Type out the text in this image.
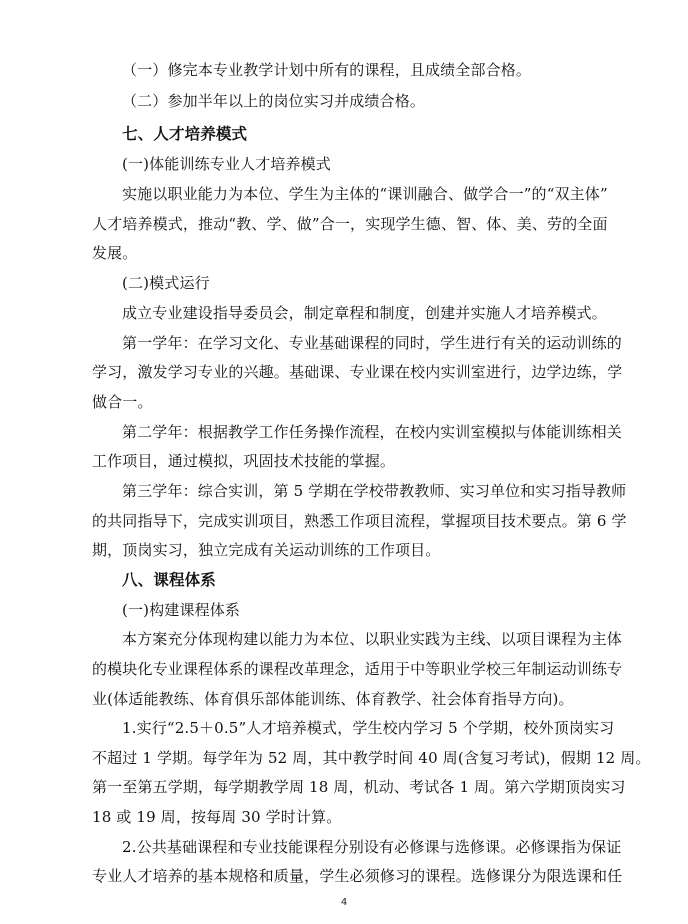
（一）修完本专业教学计划中所有的课程，且成绩全部合格。
（二）参加半年以上的岗位实习并成绩合格。
七、人才培养模式
(一)体能训练专业人才培养模式
实施以职业能力为本位、学生为主体的“课训融合、做学合一”的“双主体”
人才培养模式，推动“教、学、做”合一，实现学生德、智、体、美、劳的全面
发展。
(二)模式运行
成立专业建设指导委员会，制定章程和制度，创建并实施人才培养模式。
第一学年：在学习文化、专业基础课程的同时，学生进行有关的运动训练的
学习，激发学习专业的兴趣。基础课、专业课在校内实训室进行，边学边练，学
做合一。
第二学年：根据教学工作任务操作流程，在校内实训室模拟与体能训练相关
工作项目，通过模拟，巩固技术技能的掌握。
第三学年：综合实训，第 5 学期在学校带教教师、实习单位和实习指导教师
的共同指导下，完成实训项目，熟悉工作项目流程，掌握项目技术要点。第 6 学
期，顶岗实习，独立完成有关运动训练的工作项目。
八、课程体系
(一)构建课程体系
本方案充分体现构建以能力为本位、以职业实践为主线、以项目课程为主体
的模块化专业课程体系的课程改革理念，适用于中等职业学校三年制运动训练专
业(体适能教练、体育俱乐部体能训练、体育教学、社会体育指导方向)。
1.实行“2.5＋0.5”人才培养模式，学生校内学习 5 个学期，校外顶岗实习
不超过 1 学期。每学年为 52 周，其中教学时间 40 周(含复习考试)，假期 12 周。
第一至第五学期，每学期教学周 18 周，机动、考试各 1 周。第六学期顶岗实习
18 或 19 周，按每周 30 学时计算。
2.公共基础课程和专业技能课程分别设有必修课与选修课。必修课指为保证
专业人才培养的基本规格和质量，学生必须修习的课程。选修课分为限选课和任
4
